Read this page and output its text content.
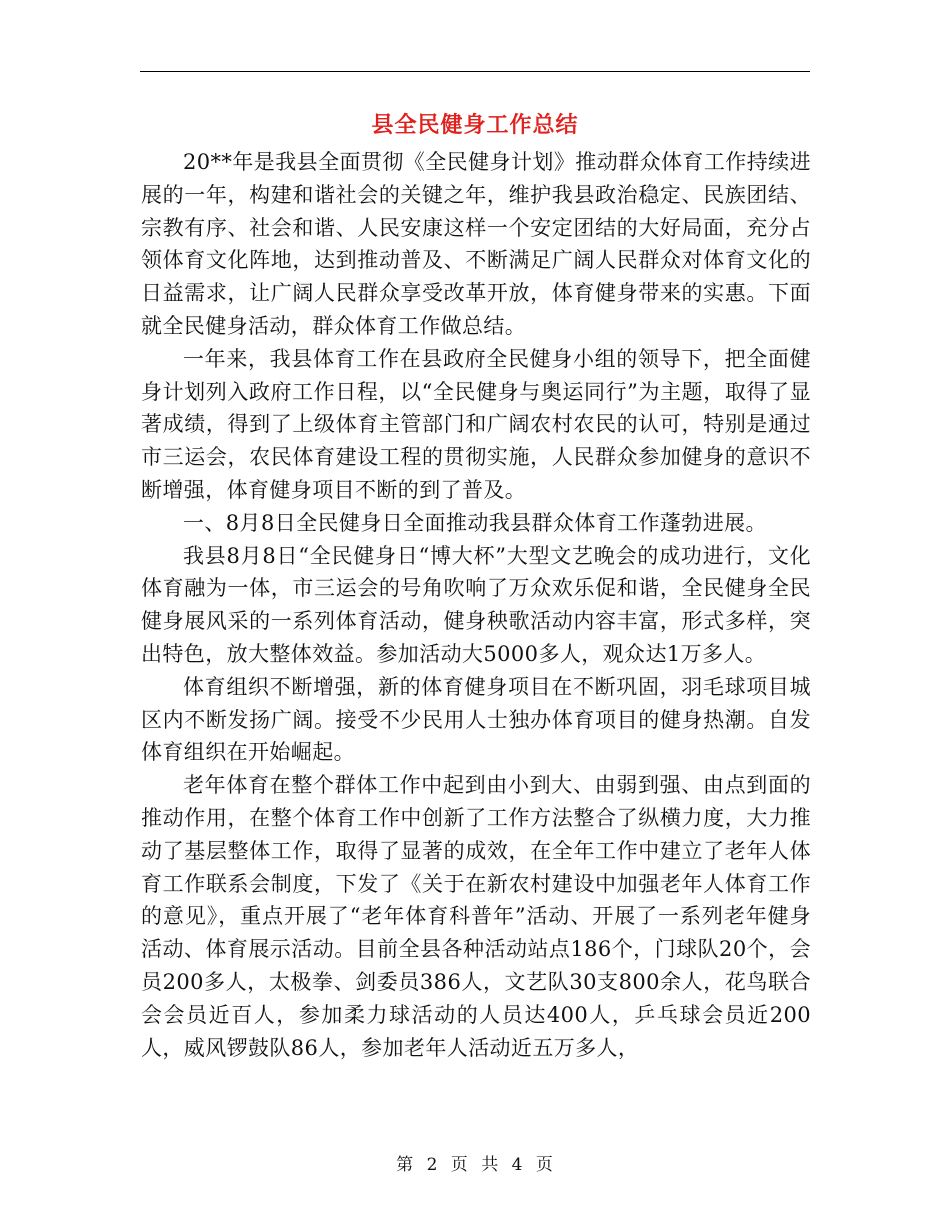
县全民健身工作总结

20**年是我县全面贯彻《全民健身计划》推动群众体育工作持续进展的一年，构建和谐社会的关键之年，维护我县政治稳定、民族团结、宗教有序、社会和谐、人民安康这样一个安定团结的大好局面，充分占领体育文化阵地，达到推动普及、不断满足广阔人民群众对体育文化的日益需求，让广阔人民群众享受改革开放，体育健身带来的实惠。下面就全民健身活动，群众体育工作做总结。

一年来，我县体育工作在县政府全民健身小组的领导下，把全面健身计划列入政府工作日程，以“全民健身与奥运同行”为主题，取得了显著成绩，得到了上级体育主管部门和广阔农村农民的认可，特别是通过市三运会，农民体育建设工程的贯彻实施，人民群众参加健身的意识不断增强，体育健身项目不断的到了普及。

一、8月8日全民健身日全面推动我县群众体育工作蓬勃进展。

我县8月8日“全民健身日“博大杯”大型文艺晚会的成功进行，文化体育融为一体，市三运会的号角吹响了万众欢乐促和谐，全民健身全民健身展风采的一系列体育活动，健身秧歌活动内容丰富，形式多样，突出特色，放大整体效益。参加活动大5000多人，观众达1万多人。

体育组织不断增强，新的体育健身项目在不断巩固，羽毛球项目城区内不断发扬广阔。接受不少民用人士独办体育项目的健身热潮。自发体育组织在开始崛起。

老年体育在整个群体工作中起到由小到大、由弱到强、由点到面的推动作用，在整个体育工作中创新了工作方法整合了纵横力度，大力推动了基层整体工作，取得了显著的成效，在全年工作中建立了老年人体育工作联系会制度，下发了《关于在新农村建设中加强老年人体育工作的意见》，重点开展了“老年体育科普年”活动、开展了一系列老年健身活动、体育展示活动。目前全县各种活动站点186个，门球队20个，会员200多人，太极拳、剑委员386人，文艺队30支800余人，花鸟联合会会员近百人，参加柔力球活动的人员达400人，乒乓球会员近200人，威风锣鼓队86人，参加老年人活动近五万多人，

第 2 页 共 4 页
